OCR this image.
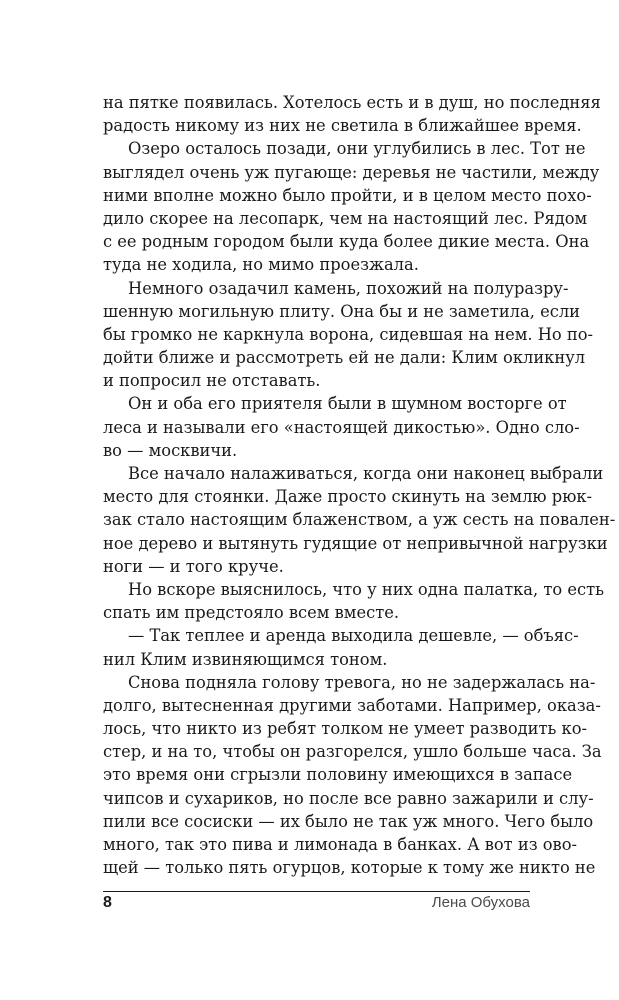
на пятке появилась. Хотелось есть и в душ, но последняя
радость никому из них не светила в ближайшее время.
Озеро осталось позади, они углубились в лес. Тот не
выглядел очень уж пугающе: деревья не частили, между
ними вполне можно было пройти, и в целом место похо-
дило скорее на лесопарк, чем на настоящий лес. Рядом
с ее родным городом были куда более дикие места. Она
туда не ходила, но мимо проезжала.
Немного озадачил камень, похожий на полуразру-
шенную могильную плиту. Она бы и не заметила, если
бы громко не каркнула ворона, сидевшая на нем. Но по-
дойти ближе и рассмотреть ей не дали: Клим окликнул
и попросил не отставать.
Он и оба его приятеля были в шумном восторге от
леса и называли его «настоящей дикостью». Одно сло-
во — москвичи.
Все начало налаживаться, когда они наконец выбрали
место для стоянки. Даже просто скинуть на землю рюк-
зак стало настоящим блаженством, а уж сесть на повален-
ное дерево и вытянуть гудящие от непривычной нагрузки
ноги — и того круче.
Но вскоре выяснилось, что у них одна палатка, то есть
спать им предстояло всем вместе.
— Так теплее и аренда выходила дешевле, — объяс-
нил Клим извиняющимся тоном.
Снова подняла голову тревога, но не задержалась на-
долго, вытесненная другими заботами. Например, оказа-
лось, что никто из ребят толком не умеет разводить ко-
стер, и на то, чтобы он разгорелся, ушло больше часа. За
это время они сгрызли половину имеющихся в запасе
чипсов и сухариков, но после все равно зажарили и слу-
пили все сосиски — их было не так уж много. Чего было
много, так это пива и лимонада в банках. А вот из ово-
щей — только пять огурцов, которые к тому же никто не
8	Лена Обухова
